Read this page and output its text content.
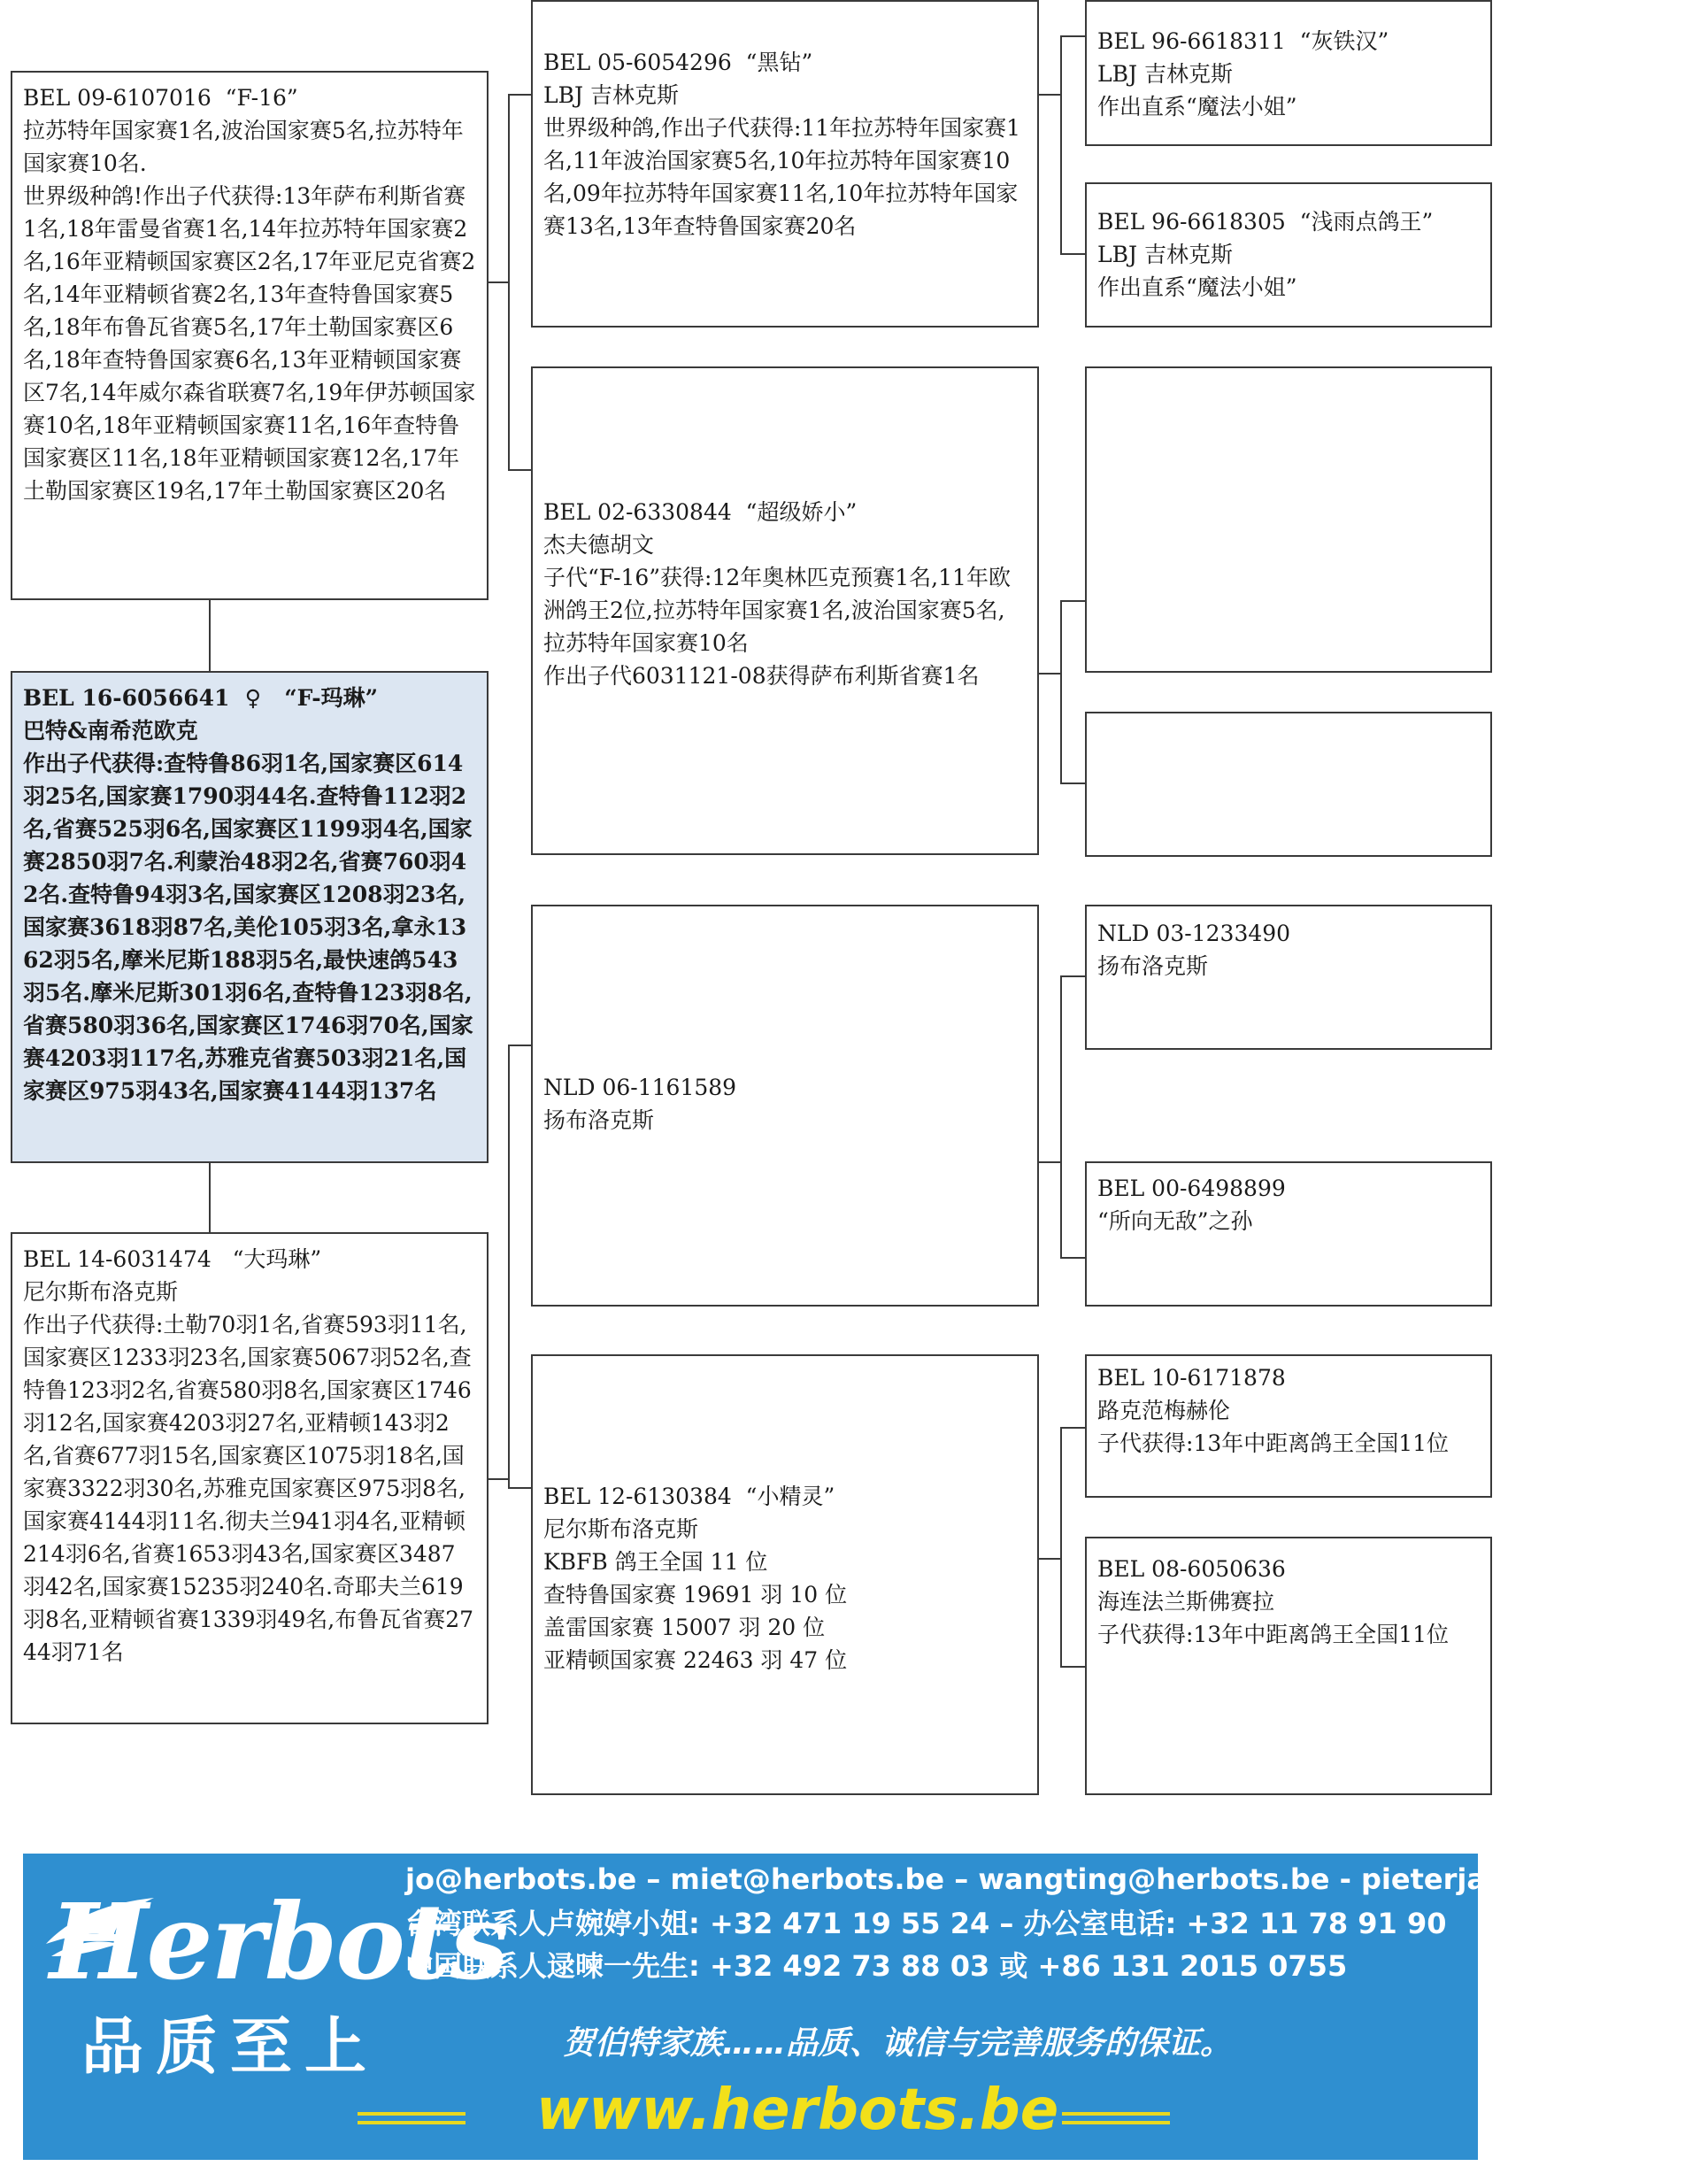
BEL 09-6107016  “F-16”
拉苏特年国家赛1名,波治国家赛5名,拉苏特年国家赛10名.
世界级种鸽!作出子代获得:13年萨布利斯省赛1名,18年雷曼省赛1名,14年拉苏特年国家赛2名,16年亚精顿国家赛区2名,17年亚尼克省赛2名,14年亚精顿省赛2名,13年查特鲁国家赛5名,18年布鲁瓦省赛5名,17年土勒国家赛区6名,18年查特鲁国家赛6名,13年亚精顿国家赛区7名,14年威尔森省联赛7名,19年伊苏顿国家赛10名,18年亚精顿国家赛11名,16年查特鲁国家赛区11名,18年亚精顿国家赛12名,17年土勒国家赛区19名,17年土勒国家赛区20名
BEL 16-6056641  ♀   “F-玛琳”
巴特&南希范欧克
作出子代获得:查特鲁86羽1名,国家赛区614羽25名,国家赛1790羽44名.查特鲁112羽2名,省赛525羽6名,国家赛区1199羽4名,国家赛2850羽7名.利蒙治48羽2名,省赛760羽42名.查特鲁94羽3名,国家赛区1208羽23名,国家赛3618羽87名,美伦105羽3名,拿永1362羽5名,摩米尼斯188羽5名,最快速鸽543羽5名.摩米尼斯301羽6名,查特鲁123羽8名,省赛580羽36名,国家赛区1746羽70名,国家赛4203羽117名,苏雅克省赛503羽21名,国家赛区975羽43名,国家赛4144羽137名
BEL 14-6031474   “大玛琳”
尼尔斯布洛克斯
作出子代获得:土勒70羽1名,省赛593羽11名,国家赛区1233羽23名,国家赛5067羽52名,查特鲁123羽2名,省赛580羽8名,国家赛区1746羽12名,国家赛4203羽27名,亚精顿143羽2名,省赛677羽15名,国家赛区1075羽18名,国家赛3322羽30名,苏雅克国家赛区975羽8名,国家赛4144羽11名.彻夫兰941羽4名,亚精顿214羽6名,省赛1653羽43名,国家赛区3487羽42名,国家赛15235羽240名.奇耶夫兰619羽8名,亚精顿省赛1339羽49名,布鲁瓦省赛2744羽71名
BEL 05-6054296  “黑钻”
LBJ 吉林克斯
世界级种鸽,作出子代获得:11年拉苏特年国家赛1名,11年波治国家赛5名,10年拉苏特年国家赛10名,09年拉苏特年国家赛11名,10年拉苏特年国家赛13名,13年查特鲁国家赛20名
BEL 02-6330844  “超级娇小”
杰夫德胡文
子代“F-16”获得:12年奥林匹克预赛1名,11年欧洲鸽王2位,拉苏特年国家赛1名,波治国家赛5名,拉苏特年国家赛10名
作出子代6031121-08获得萨布利斯省赛1名
NLD 06-1161589
扬布洛克斯
BEL 12-6130384  “小精灵”
尼尔斯布洛克斯
KBFB 鸽王全国 11 位
查特鲁国家赛 19691 羽 10 位
盖雷国家赛 15007 羽 20 位
亚精顿国家赛 22463 羽 47 位
BEL 96-6618311  “灰铁汉”
LBJ 吉林克斯
作出直系“魔法小姐”
BEL 96-6618305  “浅雨点鸽王”
LBJ 吉林克斯
作出直系“魔法小姐”
NLD 03-1233490
扬布洛克斯
BEL 00-6498899
“所向无敌”之孙
BEL 10-6171878
路克范梅赫伦
子代获得:13年中距离鸽王全国11位
BEL 08-6050636
海连法兰斯佛赛拉
子代获得:13年中距离鸽王全国11位
Herbots
品质至上
jo@herbots.be – miet@herbots.be – wangting@herbots.be - pieterjan@herbots.be
台湾联系人卢婉婷小姐: +32 471 19 55 24 – 办公室电话: +32 11 78 91 90
中国联系人逯暕一先生: +32 492 73 88 03 或 +86 131 2015 0755
贺伯特家族……品质、诚信与完善服务的保证。
www.herbots.be
